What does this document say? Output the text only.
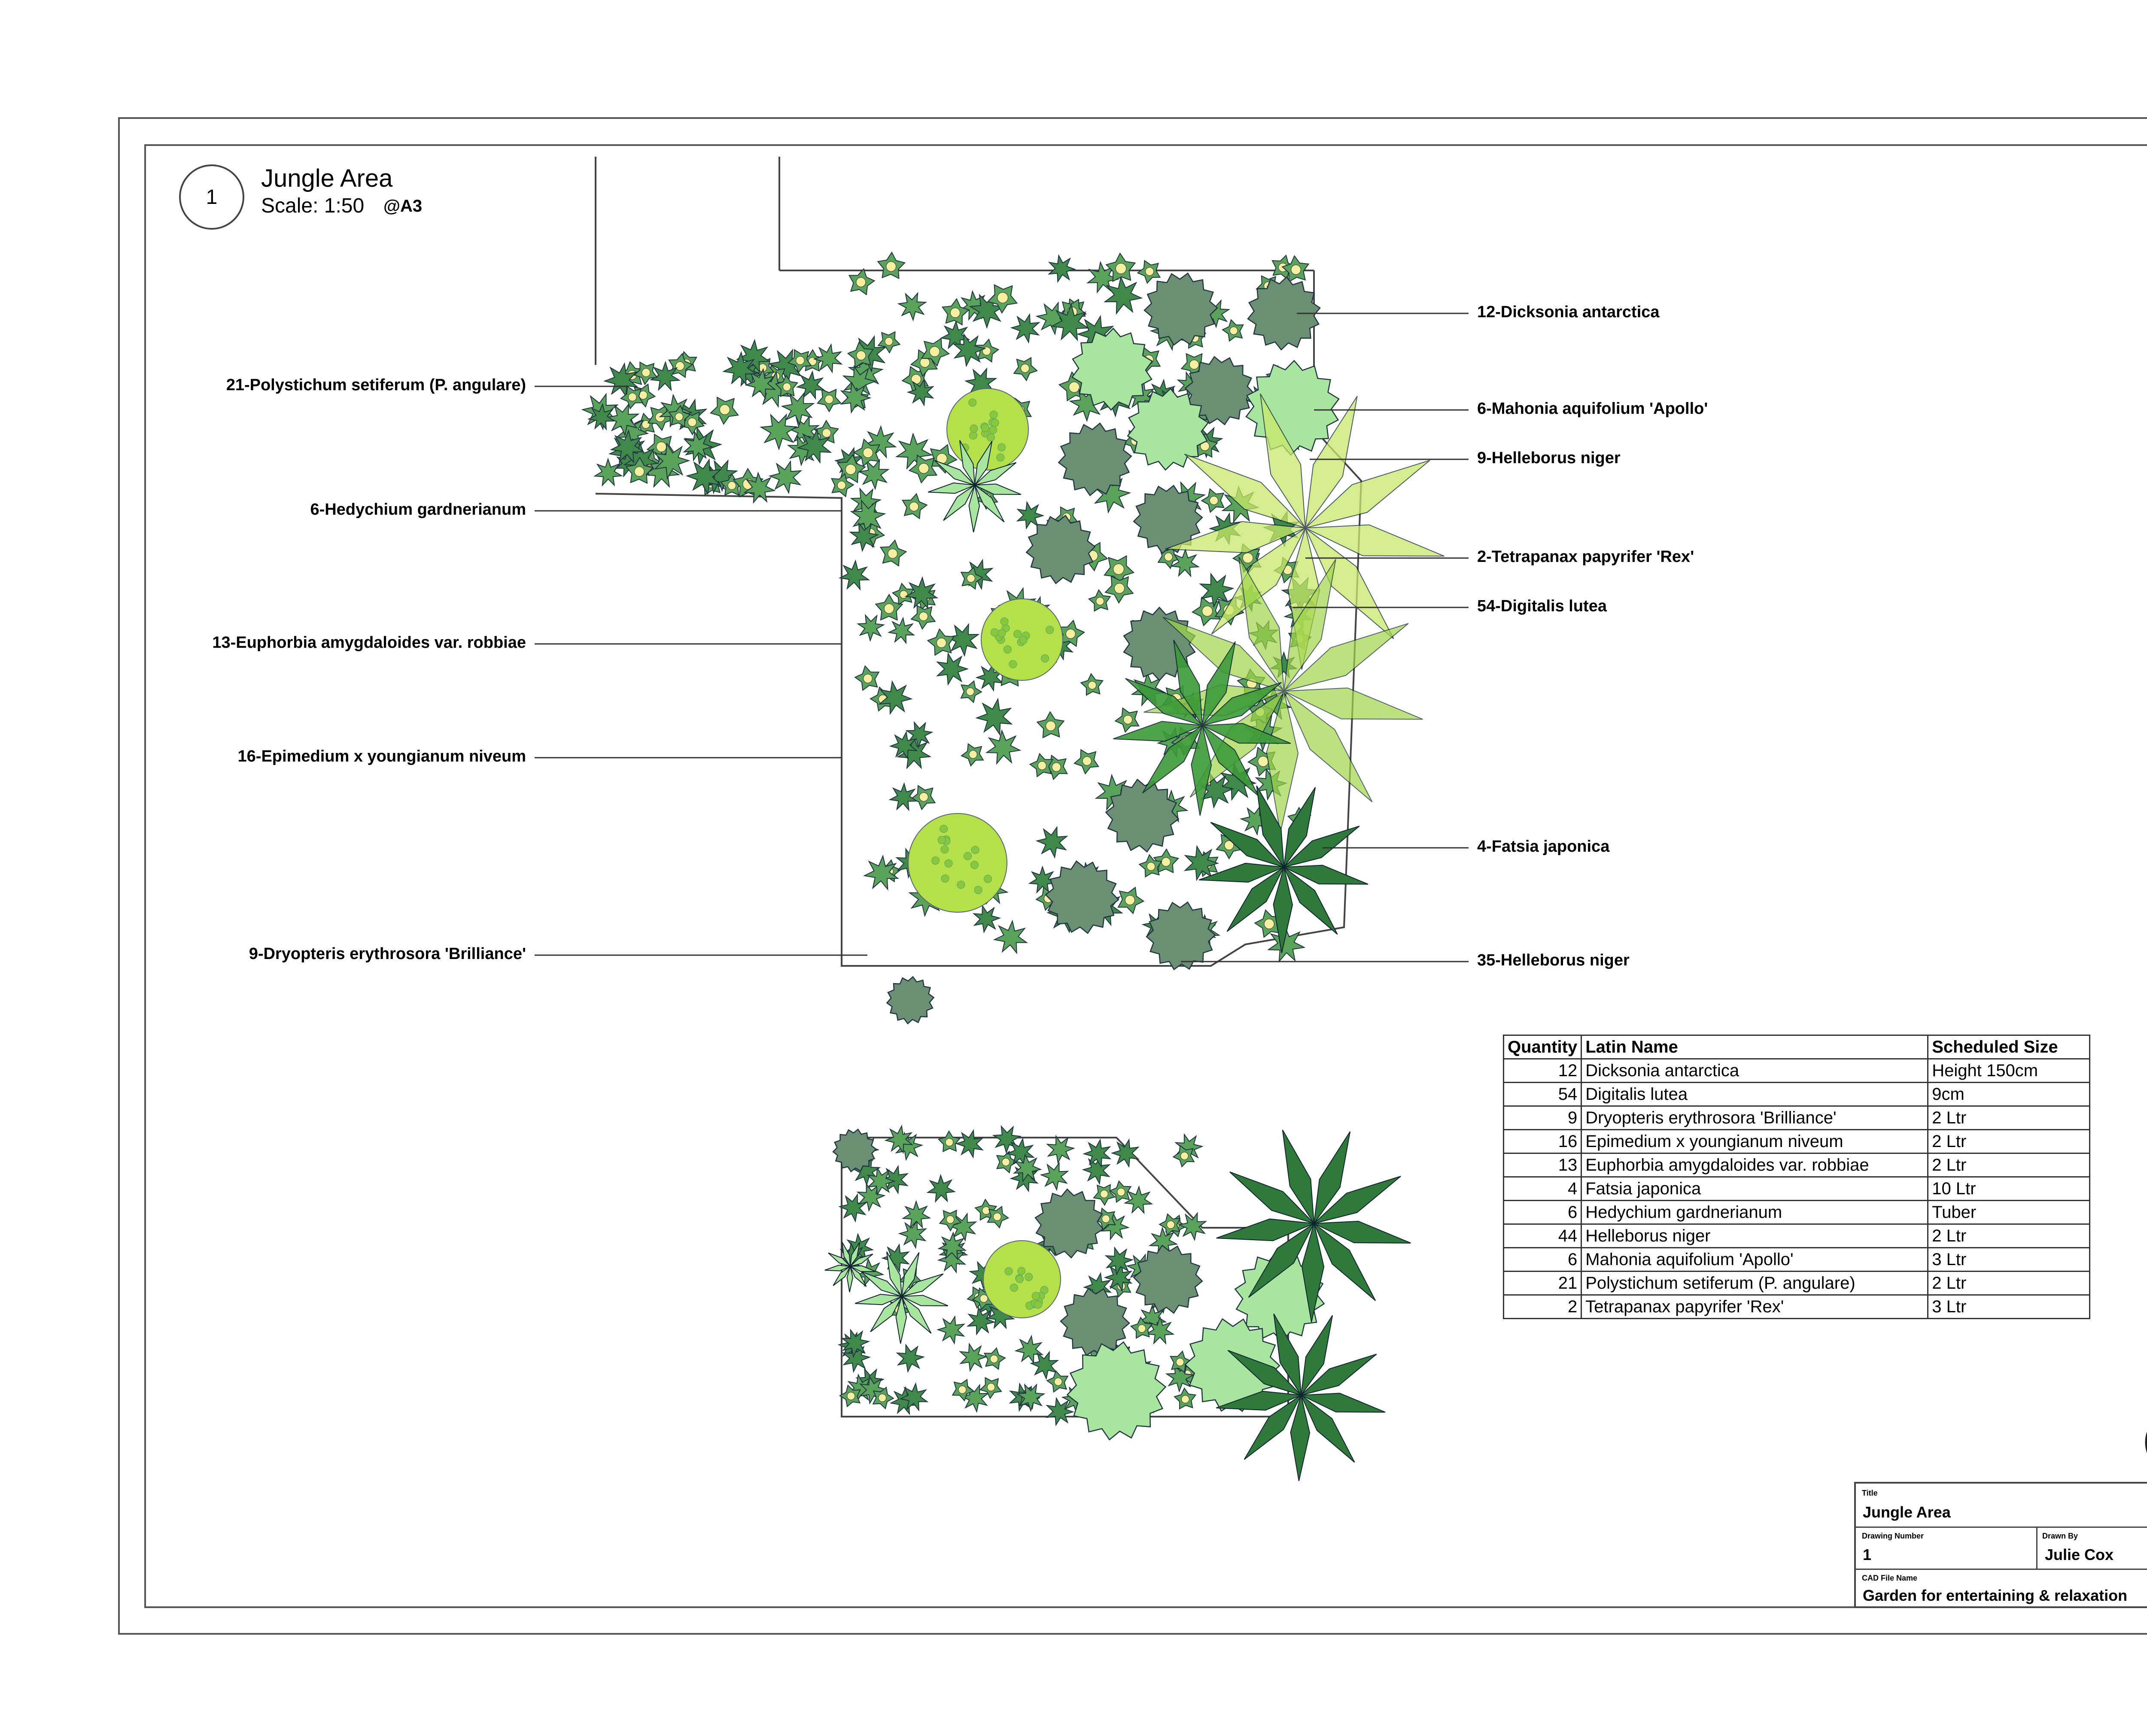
1
Jungle Area
Scale: 1:50 @A3
21-Polystichum setiferum (P. angulare)
6-Hedychium gardnerianum
13-Euphorbia amygdaloides var. robbiae
16-Epimedium x youngianum niveum
9-Dryopteris erythrosora 'Brilliance'
12-Dicksonia antarctica
6-Mahonia aquifolium 'Apollo'
9-Helleborus niger
2-Tetrapanax papyrifer 'Rex'
54-Digitalis lutea
4-Fatsia japonica
35-Helleborus niger
Quantity	Latin Name	Scheduled Size
12	Dicksonia antarctica	Height 150cm
54	Digitalis lutea	9cm
9	Dryopteris erythrosora 'Brilliance'	2 Ltr
16	Epimedium x youngianum niveum	2 Ltr
13	Euphorbia amygdaloides var. robbiae	2 Ltr
4	Fatsia japonica	10 Ltr
6	Hedychium gardnerianum	Tuber
44	Helleborus niger	2 Ltr
6	Mahonia aquifolium 'Apollo'	3 Ltr
21	Polystichum setiferum (P. angulare)	2 Ltr
2	Tetrapanax papyrifer 'Rex'	3 Ltr
Title
Jungle Area
Drawing Number
1
Drawn By
Julie Cox
CAD File Name
Garden for entertaining & relaxation
